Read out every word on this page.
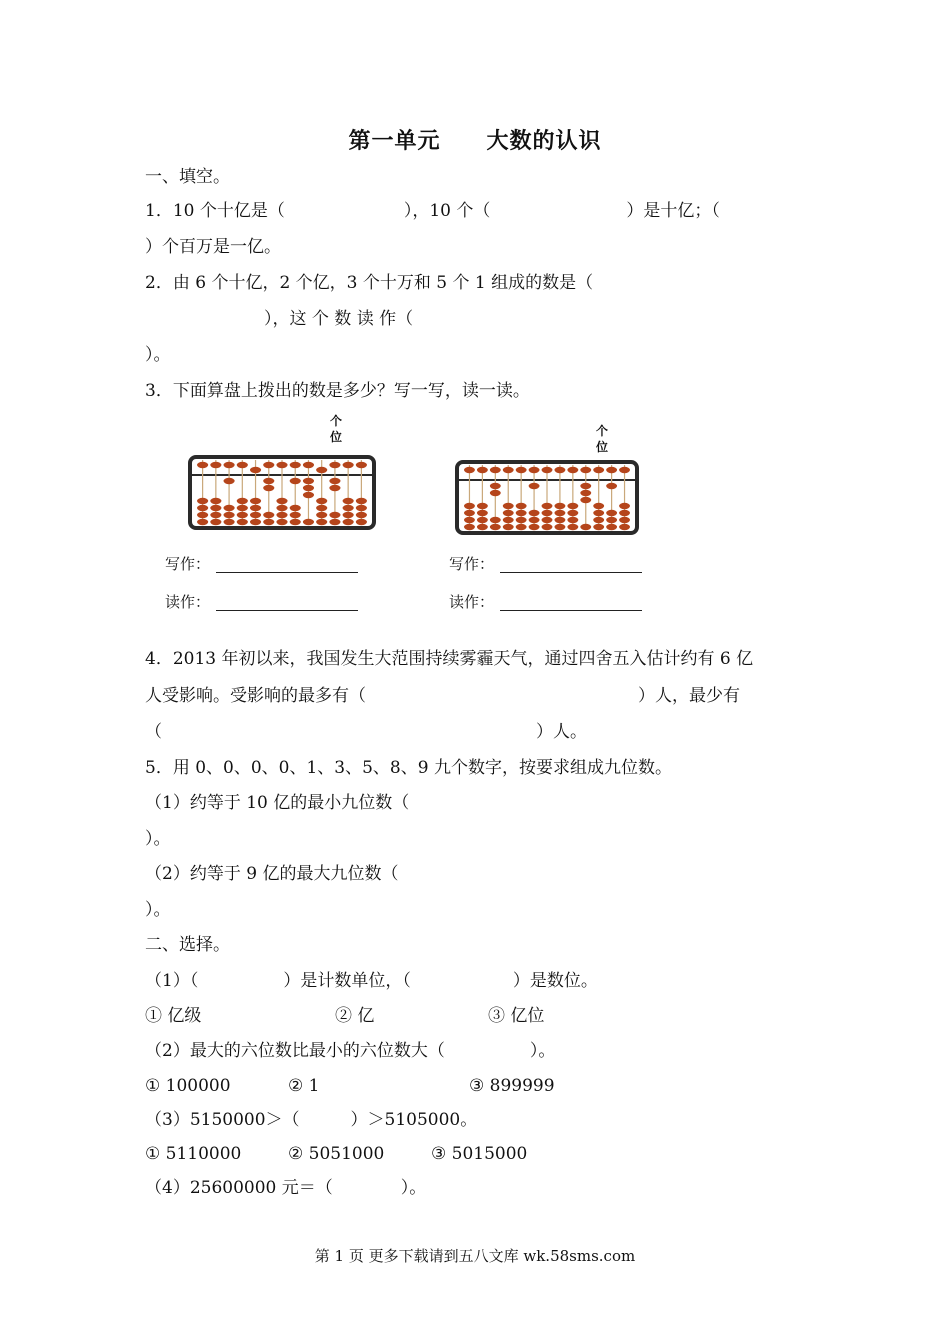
第一单元　　大数的认识
一、填空。
1．10 个十亿是（　　　　　　　），10 个（　　　　　　　　）是十亿；（
）个百万是一亿。
2．由 6 个十亿，2 个亿，3 个十万和 5 个 1 组成的数是（
　　　　　　　），这 个 数 读 作（
）。
3．下面算盘上拨出的数是多少？写一写，读一读。
个
位	个
位
写作：
读作：
写作：
读作：
4．2013 年初以来，我国发生大范围持续雾霾天气，通过四舍五入估计约有 6 亿
人受影响。受影响的最多有（　　　　　　　　　　　　　　　　）人，最少有
（　　　　　　　　　　　　　　　　　　　　　　）人。
5．用 0、0、0、0、1、3、5、8、9 九个数字，按要求组成九位数。
（1）约等于 10 亿的最小九位数（
）。
（2）约等于 9 亿的最大九位数（
）。
二、选择。
（1）（　　　　　）是计数单位，（　　　　　　）是数位。
① 亿级	② 亿	③ 亿位
（2）最大的六位数比最小的六位数大（　　　　　）。
① 100000	② 1	③ 899999
（3）5150000＞（　　　）＞5105000。
① 5110000	② 5051000	③ 5015000
（4）25600000 元＝（　　　　）。
第 1 页 更多下载请到五八文库 wk.58sms.com
